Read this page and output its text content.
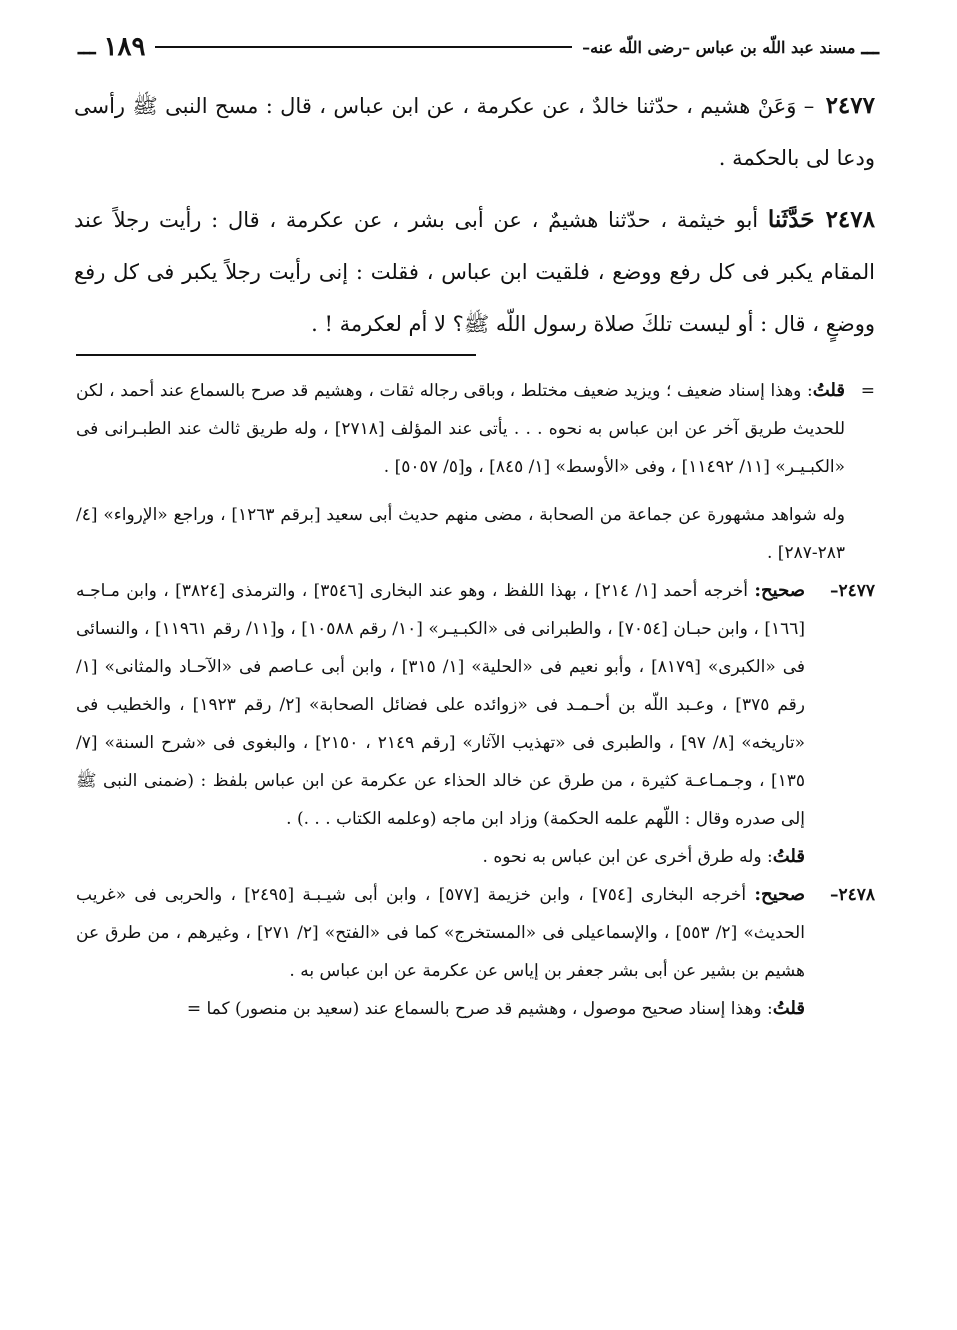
ـــ
مسند عبد اللّه بن عباس –رضى اللّه عنه–
١٨٩
ـــ

٢٤٧٧ – وَعَنْ هشيم ، حدّثنا خالدٌ ، عن عكرمة ، عن ابن عباس ، قال : مسح النبى ﷺ رأسى ودعا لى بالحكمة .

٢٤٧٨ حَدَّثَنا أبو خيثمة ، حدّثنا هشيمٌ ، عن أبى بشر ، عن عكرمة ، قال : رأيت رجلاً عند المقام يكبر فى كل رفع ووضع ، فلقيت ابن عباس ، فقلت : إنى رأيت رجلاً يكبر فى كل رفع ووضعٍ ، قال : أو ليست تلكَ صلاة رسول اللّه ﷺ؟ لا أم لعكرمة ! .

=
قلتُ: وهذا إسناد ضعيف ؛ ويزيد ضعيف مختلط ، وباقى رجاله ثقات ، وهشيم قد صرح بالسماع عند أحمد ، لكن للحديث طريق آخر عن ابن عباس به نحوه . . . يأتى عند المؤلف [٢٧١٨] ، وله طريق ثالث عند الطبـرانى فى «الكبـيـر» [١١/ ١١٤٩٢] ، وفى «الأوسط» [١/ ٨٤٥] ، و[٥/ ٥٠٥٧] .

وله شواهد مشهورة عن جماعة من الصحابة ، مضى منهم حديث أبى سعيد [برقم ١٢٦٣] ، وراجع «الإرواء» [٤/ ٢٨٣-٢٨٧] .

٢٤٧٧–
صحيح: أخرجه أحمد [١/ ٢١٤] ، بهذا اللفظ ، وهو عند البخارى [٣٥٤٦] ، والترمذى [٣٨٢٤] ، وابن مـاجـه [١٦٦] ، وابن حبـان [٧٠٥٤] ، والطبرانى فى «الكبـيـر» [١٠/ رقم ١٠٥٨٨] ، و[١١/ رقم ١١٩٦١] ، والنسائى فى «الكبرى» [٨١٧٩] ، وأبو نعيم فى «الحلية» [١/ ٣١٥] ، وابن أبى عـاصم فى «الآحـاد والمثانى» [١/ رقم ٣٧٥] ، وعـبد اللّه بن أحـمـد فى «زوائده على فضائل الصحابة» [٢/ رقم ١٩٢٣] ، والخطيب فى «تاريخه» [٨/ ٩٧] ، والطبرى فى «تهذيب الآثار» [رقم ٢١٤٩ ، ٢١٥٠] ، والبغوى فى «شرح السنة» [٧/ ١٣٥] ، وجـمـاعـة كثيرة ، من طرق عن خالد الحذاء عن عكرمة عن ابن عباس بلفظ : (ضمنى النبى ﷺ إلى صدره وقال : اللّهم علمه الحكمة) وزاد ابن ماجه (وعلمه الكتاب . . .) .

قلتُ: وله طرق أخرى عن ابن عباس به نحوه .

٢٤٧٨–
صحيح: أخرجه البخارى [٧٥٤] ، وابن خزيمة [٥٧٧] ، وابن أبى شيـبـة [٢٤٩٥] ، والحربى فى «غريب الحديث» [٢/ ٥٥٣] ، والإسماعيلى فى «المستخرج» كما فى «الفتح» [٢/ ٢٧١] ، وغيرهم ، من طرق عن هشيم بن بشير عن أبى بشر جعفر بن إياس عن عكرمة عن ابن عباس به .

قلتُ: وهذا إسناد صحيح موصول ، وهشيم قد صرح بالسماع عند (سعيد بن منصور) كما =
